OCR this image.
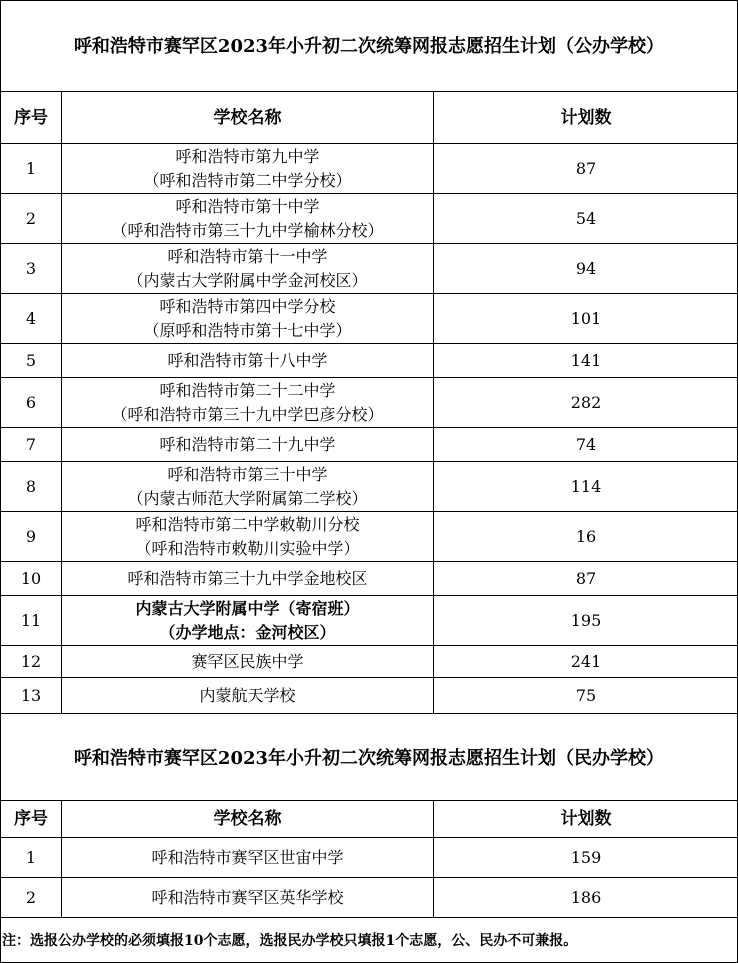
呼和浩特市赛罕区2023年小升初二次统筹网报志愿招生计划（公办学校）
序号	学校名称	计划数
1	呼和浩特市第九中学
（呼和浩特市第二中学分校）	87
2	呼和浩特市第十中学
（呼和浩特市第三十九中学榆林分校）	54
3	呼和浩特市第十一中学
（内蒙古大学附属中学金河校区）	94
4	呼和浩特市第四中学分校
（原呼和浩特市第十七中学）	101
5	呼和浩特市第十八中学	141
6	呼和浩特市第二十二中学
（呼和浩特市第三十九中学巴彦分校）	282
7	呼和浩特市第二十九中学	74
8	呼和浩特市第三十中学
（内蒙古师范大学附属第二学校）	114
9	呼和浩特市第二中学敕勒川分校
（呼和浩特市敕勒川实验中学）	16
10	呼和浩特市第三十九中学金地校区	87
11	内蒙古大学附属中学（寄宿班）
（办学地点：金河校区）	195
12	赛罕区民族中学	241
13	内蒙航天学校	75
呼和浩特市赛罕区2023年小升初二次统筹网报志愿招生计划（民办学校）
序号	学校名称	计划数
1	呼和浩特市赛罕区世宙中学	159
2	呼和浩特市赛罕区英华学校	186
注：选报公办学校的必须填报10个志愿，选报民办学校只填报1个志愿，公、民办不可兼报。
